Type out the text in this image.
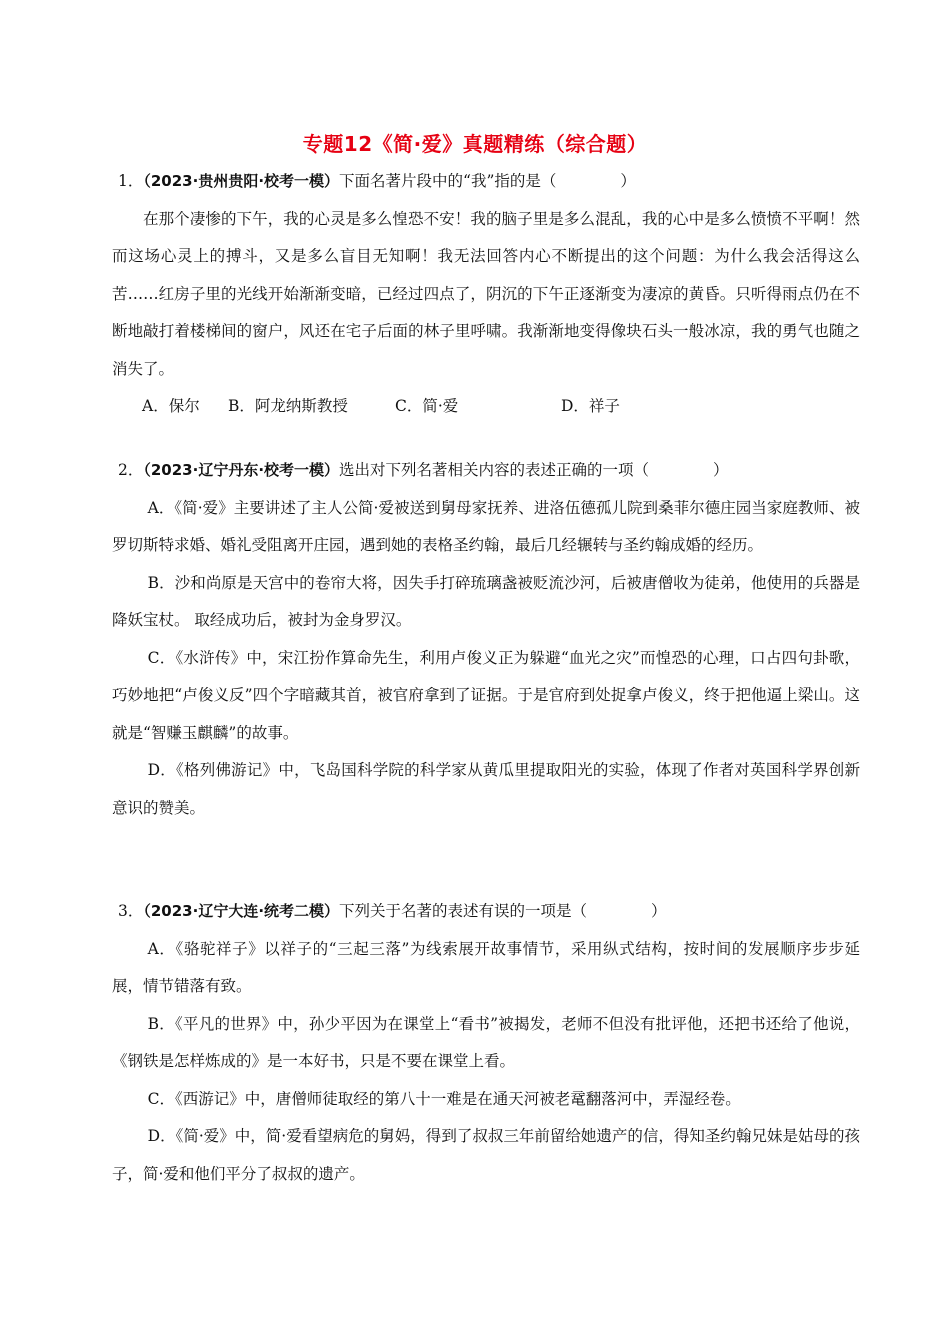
专题12《简·爱》真题精练（综合题）
1．（2023·贵州贵阳·校考一模）下面名著片段中的“我”指的是（	）
在那个凄惨的下午，我的心灵是多么惶恐不安！我的脑子里是多么混乱，我的心中是多么愤愤不平啊！然而这场心灵上的搏斗，又是多么盲目无知啊！我无法回答内心不断提出的这个问题：为什么我会活得这么苦……红房子里的光线开始渐渐变暗，已经过四点了，阴沉的下午正逐渐变为凄凉的黄昏。只听得雨点仍在不断地敲打着楼梯间的窗户，风还在宅子后面的林子里呼啸。我渐渐地变得像块石头一般冰凉，我的勇气也随之消失了。
A．保尔 B．阿龙纳斯教授	C．简·爱	D．祥子
2．（2023·辽宁丹东·校考一模）选出对下列名著相关内容的表述正确的一项（	）
A．《简·爱》主要讲述了主人公简·爱被送到舅母家抚养、进洛伍德孤儿院到桑菲尔德庄园当家庭教师、被罗切斯特求婚、婚礼受阻离开庄园，遇到她的表格圣约翰，最后几经辗转与圣约翰成婚的经历。
B．沙和尚原是天宫中的卷帘大将，因失手打碎琉璃盏被贬流沙河，后被唐僧收为徒弟，他使用的兵器是降妖宝杖。 取经成功后，被封为金身罗汉。
C．《水浒传》中，宋江扮作算命先生，利用卢俊义正为躲避“血光之灾”而惶恐的心理，口占四句卦歌，巧妙地把“卢俊义反”四个字暗藏其首，被官府拿到了证据。于是官府到处捉拿卢俊义，终于把他逼上梁山。这就是“智赚玉麒麟”的故事。
D．《格列佛游记》中，飞岛国科学院的科学家从黄瓜里提取阳光的实验，体现了作者对英国科学界创新意识的赞美。
3．（2023·辽宁大连·统考二模）下列关于名著的表述有误的一项是（	）
A．《骆驼祥子》以祥子的“三起三落”为线索展开故事情节，采用纵式结构，按时间的发展顺序步步延展，情节错落有致。
B．《平凡的世界》中，孙少平因为在课堂上“看书”被揭发，老师不但没有批评他，还把书还给了他说，《钢铁是怎样炼成的》是一本好书，只是不要在课堂上看。
C．《西游记》中，唐僧师徒取经的第八十一难是在通天河被老鼋翻落河中，弄湿经卷。
D．《简·爱》中，简·爱看望病危的舅妈，得到了叔叔三年前留给她遗产的信，得知圣约翰兄妹是姑母的孩子，简·爱和他们平分了叔叔的遗产。
